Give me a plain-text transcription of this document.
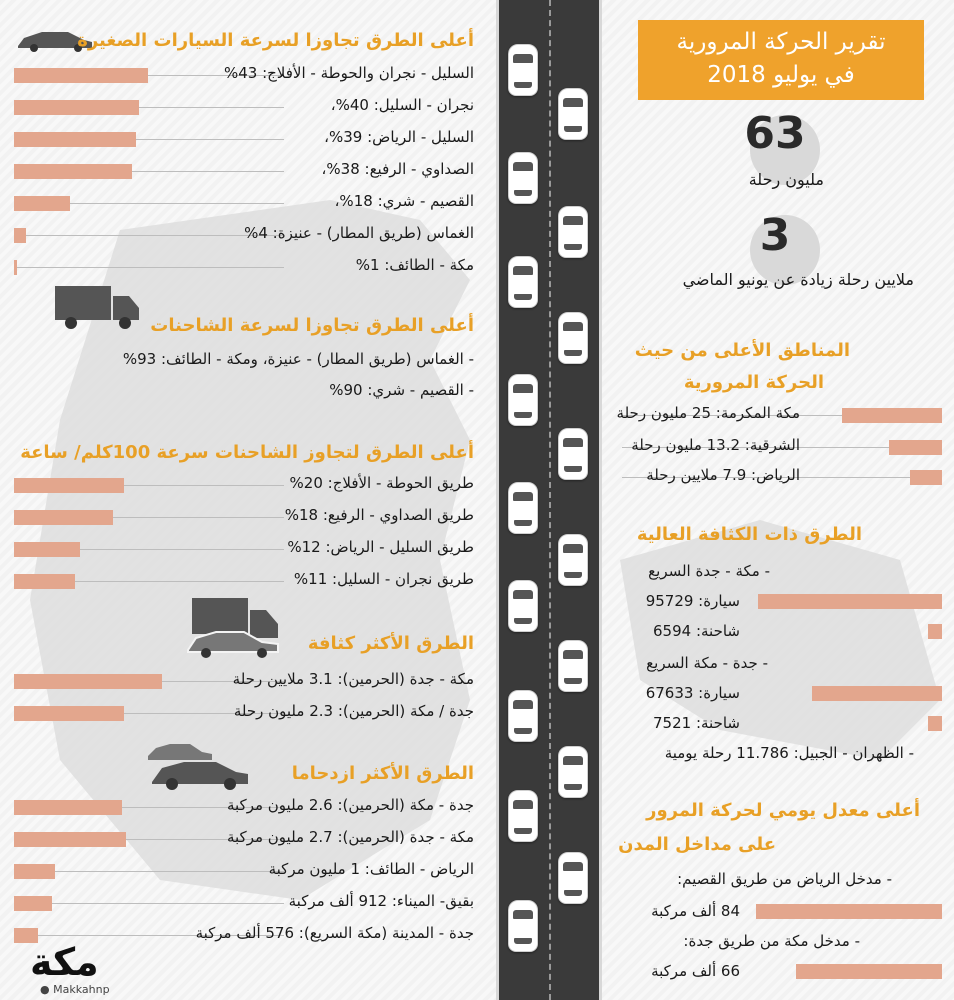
تقرير الحركة المرورية
في يوليو 2018
63
مليون رحلة
3
ملايين رحلة زيادة عن يونيو الماضي
أعلى الطرق تجاوزا لسرعة السيارات الصغيرة
السليل - نجران والحوطة - الأفلاج: 43%
نجران - السليل: 40%،
السليل - الرياض: 39%،
الصداوي - الرفيع: 38%،
القصيم - شري: 18%،
الغماس (طريق المطار) - عنيزة: 4%
مكة - الطائف: 1%
أعلى الطرق تجاوزا لسرعة الشاحنات
- الغماس (طريق المطار) - عنيزة، ومكة - الطائف: 93%
- القصيم - شري: 90%
أعلى الطرق لتجاوز الشاحنات سرعة 100كلم/ ساعة
طريق الحوطة - الأفلاج: 20%
طريق الصداوي - الرفيع: 18%
طريق السليل - الرياض: 12%
طريق نجران - السليل: 11%
الطرق الأكثر كثافة
مكة - جدة (الحرمين): 3.1 ملايين رحلة
جدة / مكة (الحرمين): 2.3 مليون رحلة
الطرق الأكثر ازدحاما
جدة - مكة (الحرمين): 2.6 مليون مركبة
مكة - جدة (الحرمين): 2.7 مليون مركبة
الرياض - الطائف: 1 مليون مركبة
بقيق- الميناء: 912 ألف مركبة
جدة - المدينة (مكة السريع): 576 ألف مركبة
المناطق الأعلى من حيث
الحركة المرورية
مكة المكرمة: 25 مليون رحلة
الشرقية: 13.2 مليون رحلة
الرياض: 7.9 ملايين رحلة
الطرق ذات الكثافة العالية
- مكة - جدة السريع
سيارة: 95729
شاحنة: 6594
- جدة - مكة السريع
سيارة: 67633
شاحنة: 7521
- الظهران - الجبيل: 11.786 رحلة يومية
أعلى معدل يومي لحركة المرور
على مداخل المدن
- مدخل الرياض من طريق القصيم:
84 ألف مركبة
- مدخل مكة من طريق جدة:
66 ألف مركبة
مكة
● Makkahnp
